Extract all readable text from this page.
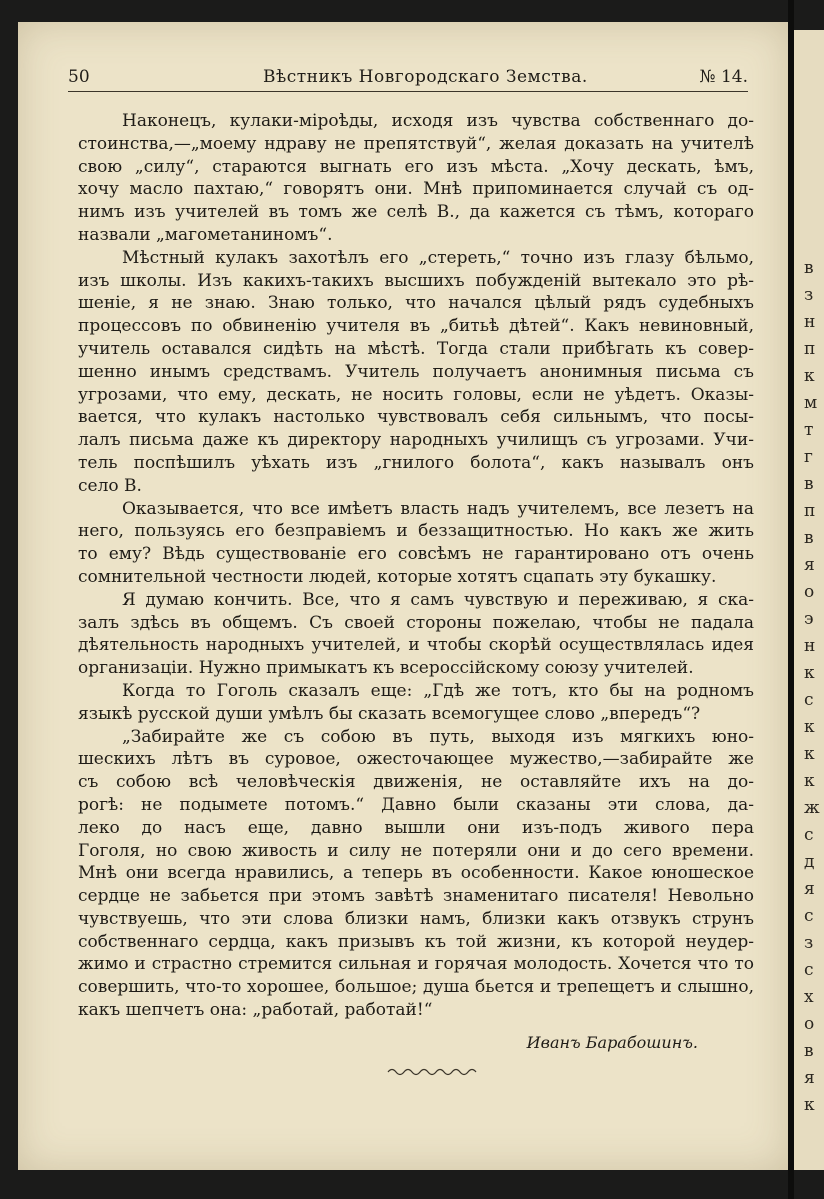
в
з
н
п
к
м
т
г
в
п
в
я
о
э
н
к
с
к
к
к
ж
с
д
я
с
з
с
х
о
в
я
к
50	Вѣстникъ Новгородскаго Земства.	№ 14.
Наконецъ, кулаки-міроѣды, исходя изъ чувства собственнаго до-
стоинства,—„моему ндраву не препятствуй“, желая доказать на учителѣ
свою „силу“, стараются выгнать его изъ мѣста. „Хочу дескать, ѣмъ,
хочу масло пахтаю,“ говорятъ они. Мнѣ припоминается случай съ од-
нимъ изъ учителей въ томъ же селѣ В., да кажется съ тѣмъ, котораго
назвали „магометаниномъ“.
Мѣстный кулакъ захотѣлъ его „стереть,“ точно изъ глазу бѣльмо,
изъ школы. Изъ какихъ-такихъ высшихъ побужденій вытекало это рѣ-
шеніе, я не знаю. Знаю только, что начался цѣлый рядъ судебныхъ
процессовъ по обвиненію учителя въ „битьѣ дѣтей“. Какъ невиновный,
учитель оставался сидѣть на мѣстѣ. Тогда стали прибѣгать къ совер-
шенно инымъ средствамъ. Учитель получаетъ анонимныя письма съ
угрозами, что ему, дескать, не носить головы, если не уѣдетъ. Оказы-
вается, что кулакъ настолько чувствовалъ себя сильнымъ, что посы-
лалъ письма даже къ директору народныхъ училищъ съ угрозами. Учи-
тель поспѣшилъ уѣхать изъ „гнилого болота“, какъ называлъ онъ
село В.
Оказывается, что все имѣетъ власть надъ учителемъ, все лезетъ на
него, пользуясь его безправіемъ и беззащитностью. Но какъ же жить
то ему? Вѣдь существованіе его совсѣмъ не гарантировано отъ очень
сомнительной честности людей, которые хотятъ сцапать эту букашку.
Я думаю кончить. Все, что я самъ чувствую и переживаю, я ска-
залъ здѣсь въ общемъ. Съ своей стороны пожелаю, чтобы не падала
дѣятельность народныхъ учителей, и чтобы скорѣй осуществлялась идея
организаціи. Нужно примыкатъ къ всероссійскому союзу учителей.
Когда то Гоголь сказалъ еще: „Гдѣ же тотъ, кто бы на родномъ
языкѣ русской души умѣлъ бы сказать всемогущее слово „впередъ“?
„Забирайте же съ собою въ путь, выходя изъ мягкихъ юно-
шескихъ лѣтъ въ суровое, ожесточающее мужество,—забирайте же
съ собою всѣ человѣческія движенія, не оставляйте ихъ на до-
рогѣ: не подымете потомъ.“ Давно были сказаны эти слова, да-
леко до насъ еще, давно вышли они изъ-подъ живого пера
Гоголя, но свою живость и силу не потеряли они и до сего времени.
Мнѣ они всегда нравились, а теперь въ особенности. Какое юношеское
сердце не забьется при этомъ завѣтѣ знаменитаго писателя! Невольно
чувствуешь, что эти слова близки намъ, близки какъ отзвукъ струнъ
собственнаго сердца, какъ призывъ къ той жизни, къ которой неудер-
жимо и страстно стремится сильная и горячая молодость. Хочется что то
совершить, что-то хорошее, большое; душа бьется и трепещетъ и слышно,
какъ шепчетъ она: „работай, работай!“
Иванъ Барабошинъ.
